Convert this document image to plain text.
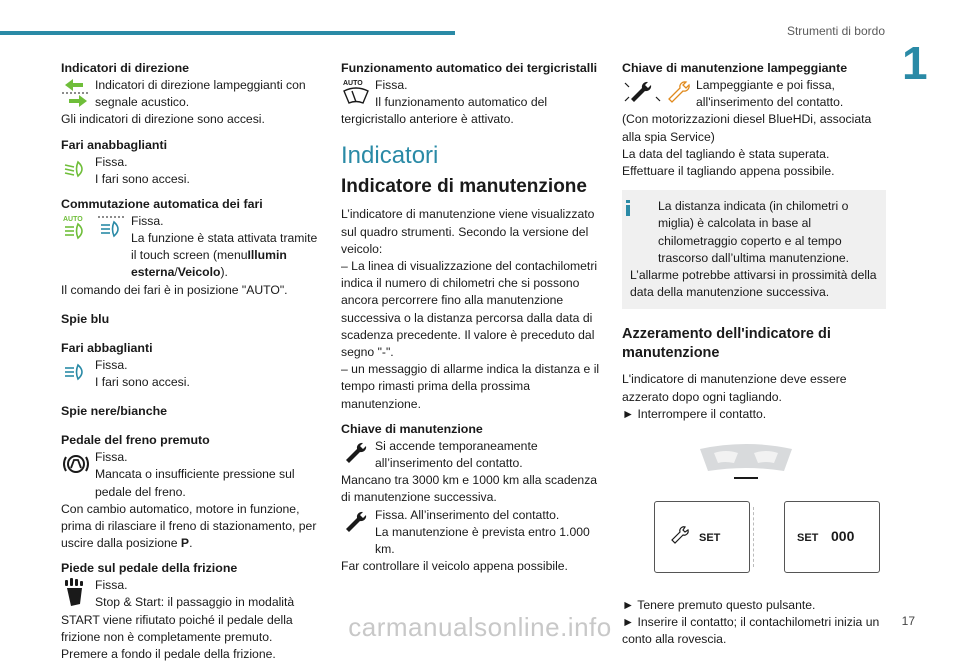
Strumenti di bordo
1
Indicatori di direzione

Indicatori di direzione lampeggianti con segnale acustico.

Gli indicatori di direzione sono accesi.

Fari anabbaglianti

Fissa.

I fari sono accesi.

Commutazione automatica dei fari
AUTO	Fissa.

La funzione è stata attivata tramite il touch screen (menuIllumin esterna/Veicolo).

Il comando dei fari è in posizione "AUTO".

Spie blu
Fari abbaglianti

Fissa.

I fari sono accesi.

Spie nere/bianche
Pedale del freno premuto

Fissa.

Mancata o insufficiente pressione sul pedale del freno.

Con cambio automatico, motore in funzione, prima di rilasciare il freno di stazionamento, per uscire dalla posizione P.

Piede sul pedale della frizione

Fissa.

Stop & Start: il passaggio in modalità START viene rifiutato poiché il pedale della frizione non è completamente premuto.

Premere a fondo il pedale della frizione.

Funzionamento automatico dei tergicristalli
AUTO Fissa.

Il funzionamento automatico del tergicristallo anteriore è attivato.

Indicatori
Indicatore di manutenzione

L’indicatore di manutenzione viene visualizzato sul quadro strumenti. Secondo la versione del veicolo:

– La linea di visualizzazione del contachilometri indica il numero di chilometri che si possono ancora percorrere fino alla manutenzione successiva o la distanza percorsa dalla data di scadenza precedente. Il valore è preceduto dal segno "-".

– un messaggio di allarme indica la distanza e il tempo rimasti prima della prossima manutenzione.

Chiave di manutenzione

Si accende temporaneamente all’inserimento del contatto.

Mancano tra 3000 km e 1000 km alla scadenza di manutenzione successiva.

Fissa. All’inserimento del contatto.

La manutenzione è prevista entro 1.000 km.

Far controllare il veicolo appena possibile.

Chiave di manutenzione lampeggiante

Lampeggiante e poi fissa, all'inserimento del contatto.

(Con motorizzazioni diesel BlueHDi, associata alla spia Service)

La data del tagliando è stata superata.

Effettuare il tagliando appena possibile.

La distanza indicata (in chilometri o miglia) è calcolata in base al chilometraggio coperto e al tempo trascorso dall’ultima manutenzione.

L’allarme potrebbe attivarsi in prossimità della data della manutenzione successiva.

Azzeramento dell'indicatore di manutenzione

L'indicatore di manutenzione deve essere azzerato dopo ogni tagliando.

► Interrompere il contatto.

SET	SET 000

► Tenere premuto questo pulsante.

► Inserire il contatto; il contachilometri inizia un conto alla rovescia.

carmanualsonline.info	17
